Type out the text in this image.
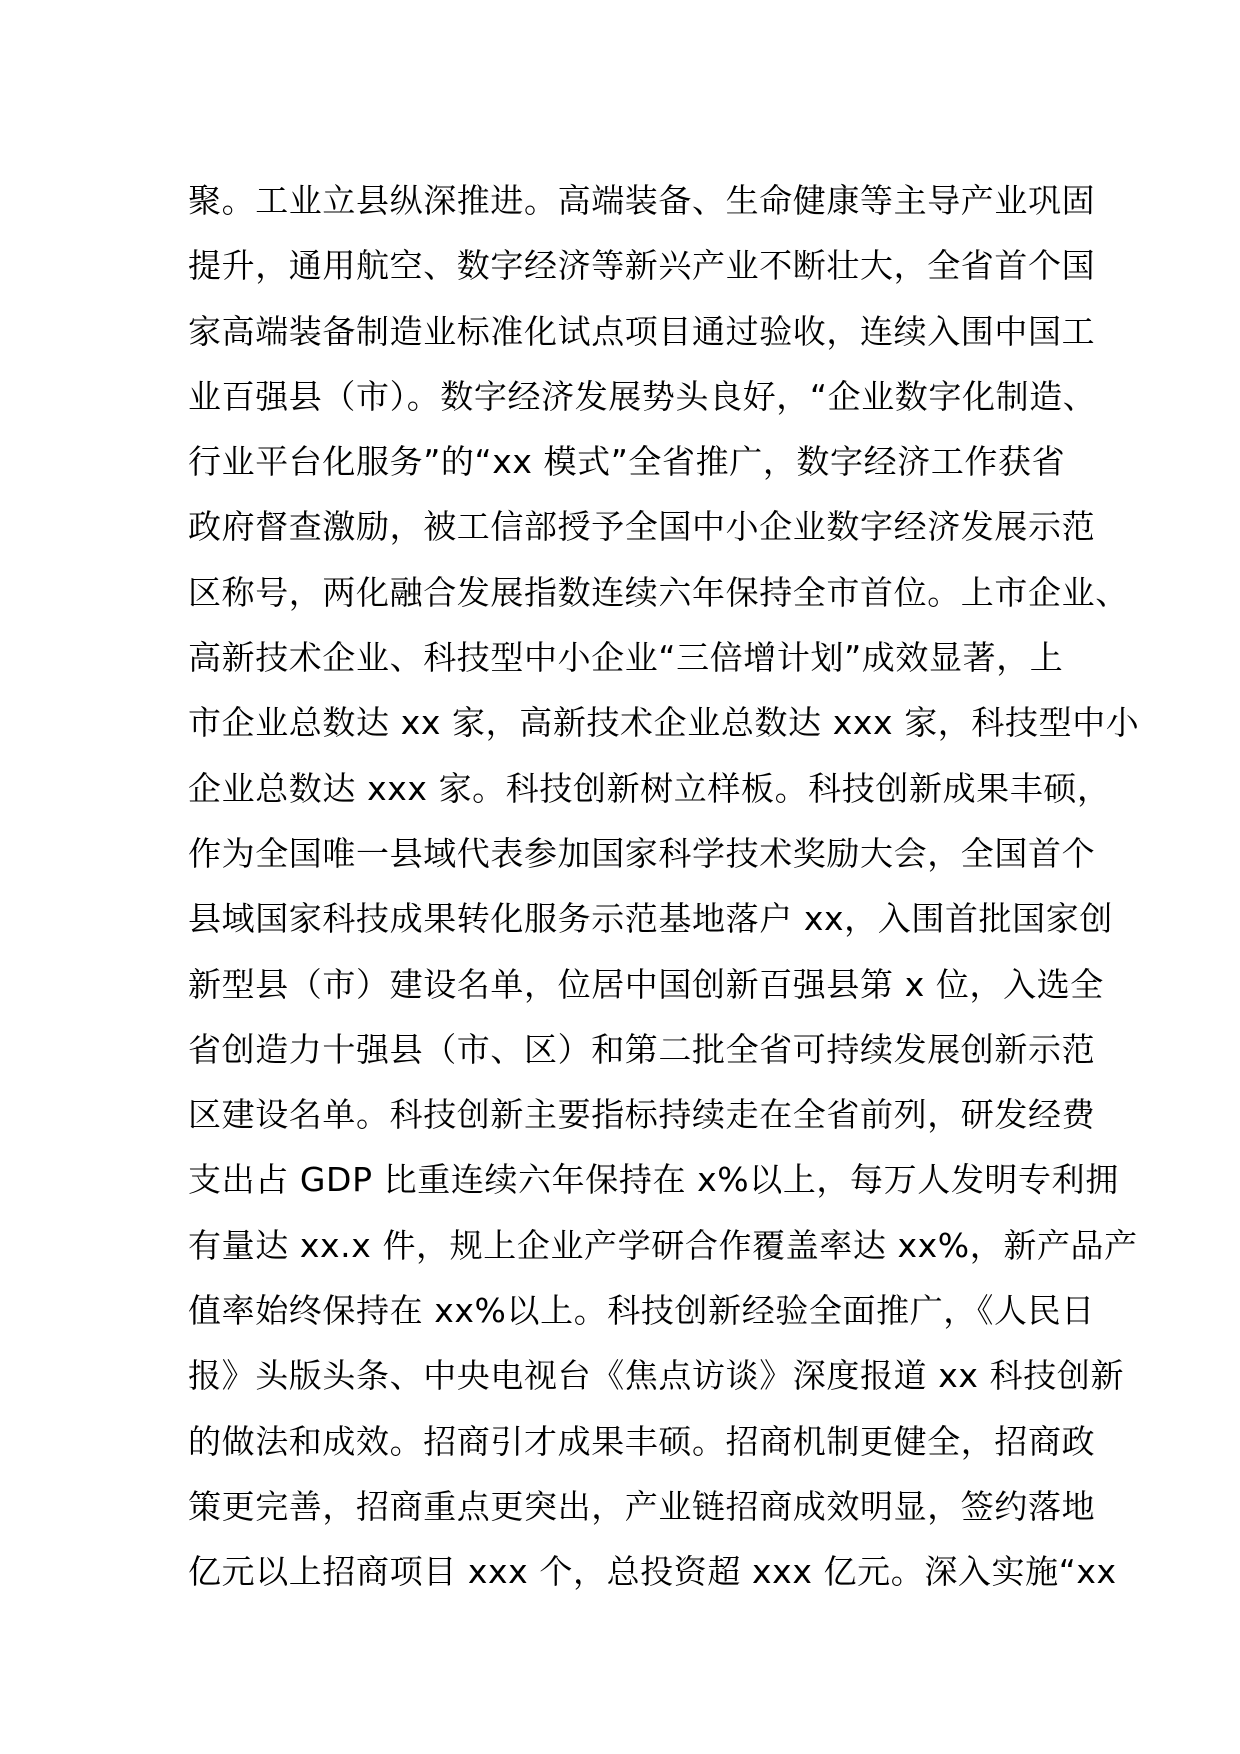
聚。工业立县纵深推进。高端装备、生命健康等主导产业巩固
提升，通用航空、数字经济等新兴产业不断壮大，全省首个国
家高端装备制造业标准化试点项目通过验收，连续入围中国工
业百强县（市）。数字经济发展势头良好，“企业数字化制造、
行业平台化服务”的“xx 模式”全省推广，数字经济工作获省
政府督查激励，被工信部授予全国中小企业数字经济发展示范
区称号，两化融合发展指数连续六年保持全市首位。上市企业、
高新技术企业、科技型中小企业“三倍增计划”成效显著，上
市企业总数达 xx 家，高新技术企业总数达 xxx 家，科技型中小
企业总数达 xxx 家。科技创新树立样板。科技创新成果丰硕，
作为全国唯一县域代表参加国家科学技术奖励大会，全国首个
县域国家科技成果转化服务示范基地落户 xx，入围首批国家创
新型县（市）建设名单，位居中国创新百强县第 x 位，入选全
省创造力十强县（市、区）和第二批全省可持续发展创新示范
区建设名单。科技创新主要指标持续走在全省前列，研发经费
支出占 GDP 比重连续六年保持在 x%以上，每万人发明专利拥
有量达 xx.x 件，规上企业产学研合作覆盖率达 xx%，新产品产
值率始终保持在 xx%以上。科技创新经验全面推广，《人民日
报》头版头条、中央电视台《焦点访谈》深度报道 xx 科技创新
的做法和成效。招商引才成果丰硕。招商机制更健全，招商政
策更完善，招商重点更突出，产业链招商成效明显，签约落地
亿元以上招商项目 xxx 个，总投资超 xxx 亿元。深入实施“xx
